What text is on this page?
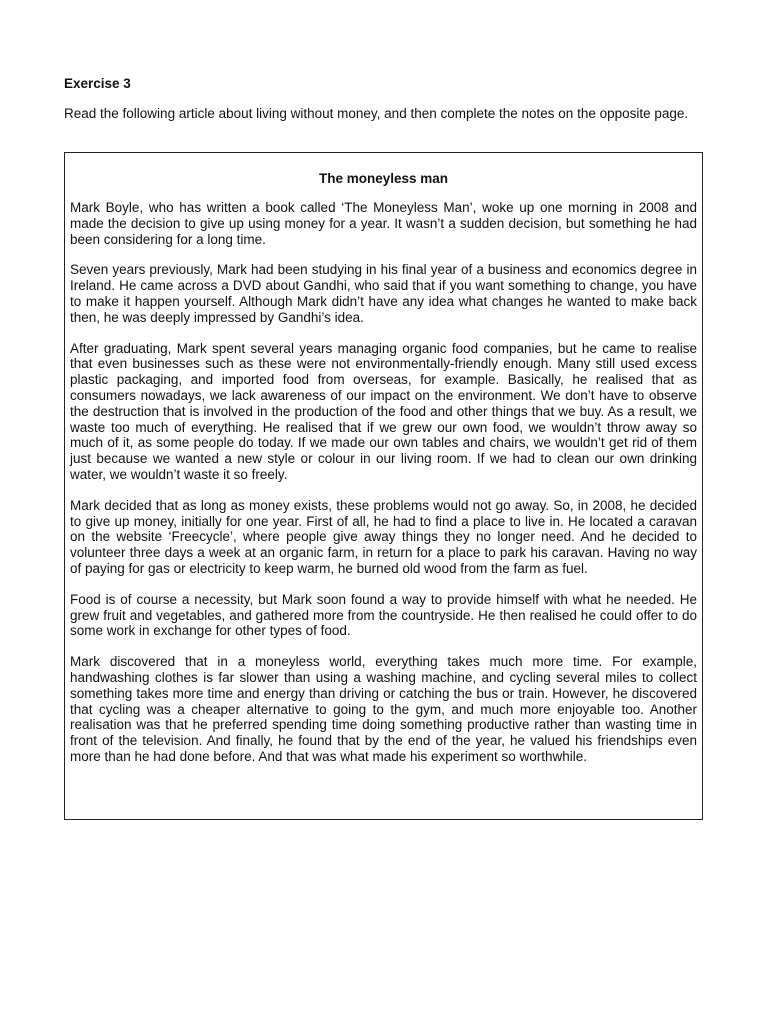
Exercise 3

Read the following article about living without money, and then complete the notes on the opposite page.

The moneyless man

Mark Boyle, who has written a book called ‘The Moneyless Man’, woke up one morning in 2008 and made the decision to give up using money for a year. It wasn’t a sudden decision, but something he had been considering for a long time.

Seven years previously, Mark had been studying in his final year of a business and economics degree in Ireland. He came across a DVD about Gandhi, who said that if you want something to change, you have to make it happen yourself. Although Mark didn’t have any idea what changes he wanted to make back then, he was deeply impressed by Gandhi’s idea.

After graduating, Mark spent several years managing organic food companies, but he came to realise that even businesses such as these were not environmentally-friendly enough. Many still used excess plastic packaging, and imported food from overseas, for example. Basically, he realised that as consumers nowadays, we lack awareness of our impact on the environment. We don’t have to observe the destruction that is involved in the production of the food and other things that we buy. As a result, we waste too much of everything. He realised that if we grew our own food, we wouldn’t throw away so much of it, as some people do today. If we made our own tables and chairs, we wouldn’t get rid of them just because we wanted a new style or colour in our living room. If we had to clean our own drinking water, we wouldn’t waste it so freely.

Mark decided that as long as money exists, these problems would not go away. So, in 2008, he decided to give up money, initially for one year. First of all, he had to find a place to live in. He located a caravan on the website ‘Freecycle’, where people give away things they no longer need. And he decided to volunteer three days a week at an organic farm, in return for a place to park his caravan. Having no way of paying for gas or electricity to keep warm, he burned old wood from the farm as fuel.

Food is of course a necessity, but Mark soon found a way to provide himself with what he needed. He grew fruit and vegetables, and gathered more from the countryside. He then realised he could offer to do some work in exchange for other types of food.

Mark discovered that in a moneyless world, everything takes much more time. For example, handwashing clothes is far slower than using a washing machine, and cycling several miles to collect something takes more time and energy than driving or catching the bus or train. However, he discovered that cycling was a cheaper alternative to going to the gym, and much more enjoyable too. Another realisation was that he preferred spending time doing something productive rather than wasting time in front of the television. And finally, he found that by the end of the year, he valued his friendships even more than he had done before. And that was what made his experiment so worthwhile.
